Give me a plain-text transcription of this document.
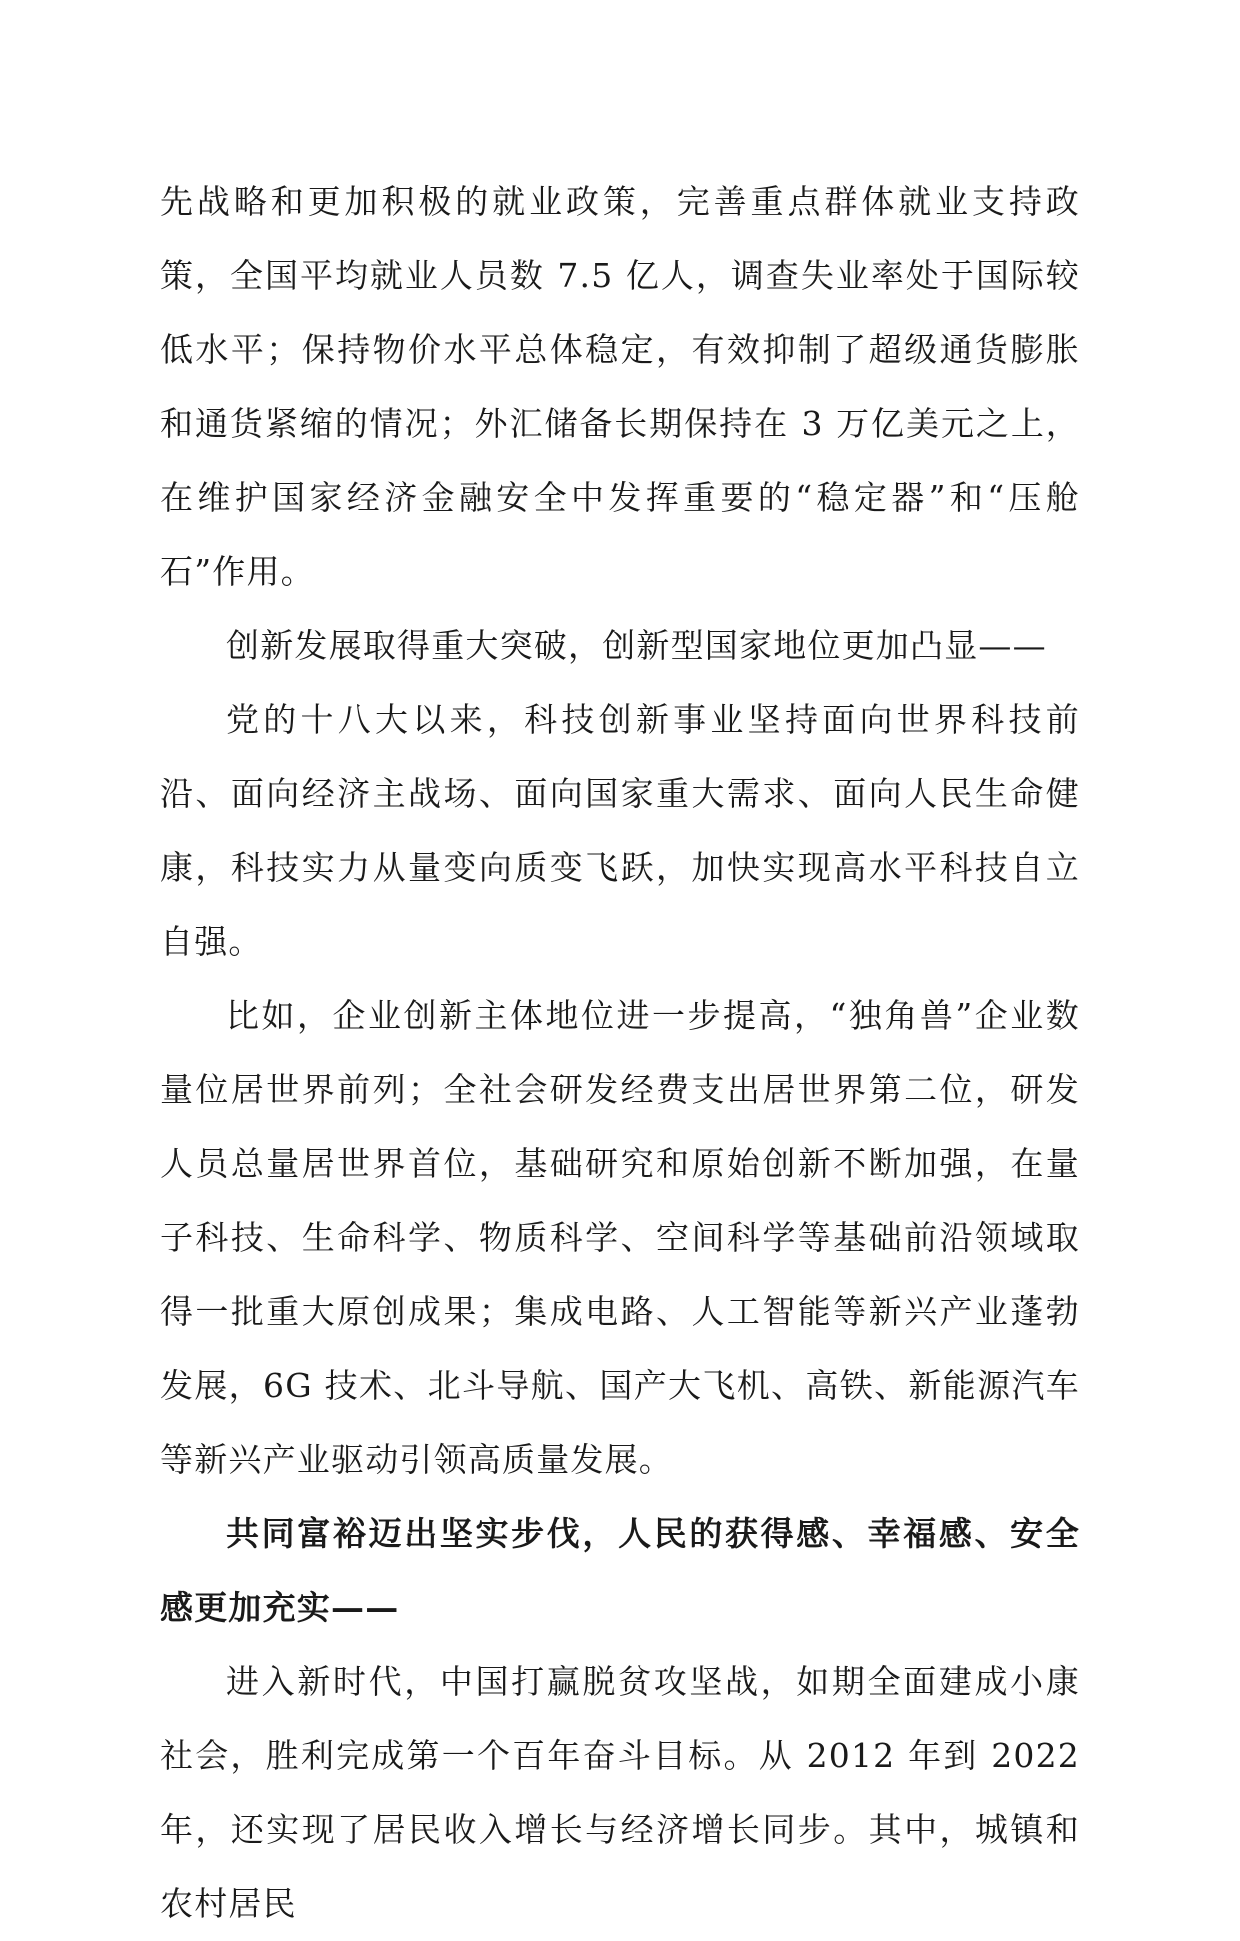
先战略和更加积极的就业政策，完善重点群体就业支持政策，全国平均就业人员数 7.5 亿人，调查失业率处于国际较低水平；保持物价水平总体稳定，有效抑制了超级通货膨胀和通货紧缩的情况；外汇储备长期保持在 3 万亿美元之上，在维护国家经济金融安全中发挥重要的“稳定器”和“压舱石”作用。

创新发展取得重大突破，创新型国家地位更加凸显——

党的十八大以来，科技创新事业坚持面向世界科技前沿、面向经济主战场、面向国家重大需求、面向人民生命健康，科技实力从量变向质变飞跃，加快实现高水平科技自立自强。

比如，企业创新主体地位进一步提高，“独角兽”企业数量位居世界前列；全社会研发经费支出居世界第二位，研发人员总量居世界首位，基础研究和原始创新不断加强，在量子科技、生命科学、物质科学、空间科学等基础前沿领域取得一批重大原创成果；集成电路、人工智能等新兴产业蓬勃发展，6G 技术、北斗导航、国产大飞机、高铁、新能源汽车等新兴产业驱动引领高质量发展。

共同富裕迈出坚实步伐，人民的获得感、幸福感、安全感更加充实——

进入新时代，中国打赢脱贫攻坚战，如期全面建成小康社会，胜利完成第一个百年奋斗目标。从 2012 年到 2022 年，还实现了居民收入增长与经济增长同步。其中，城镇和农村居民
